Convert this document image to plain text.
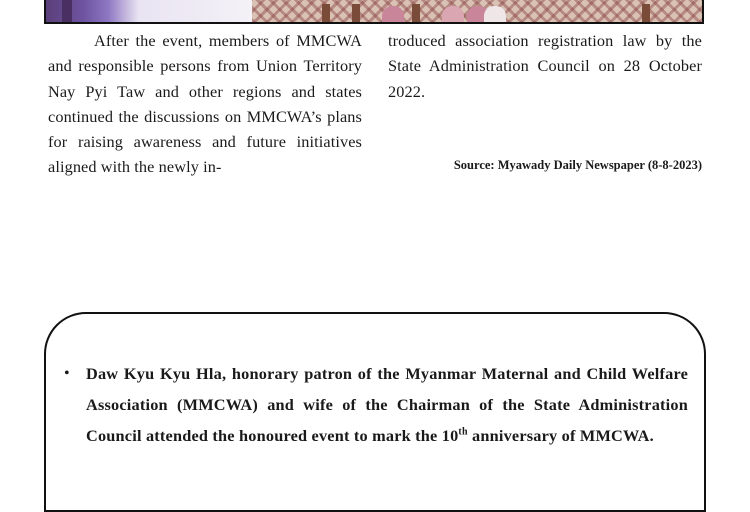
After the event, members of MMCWA and responsible persons from Union Territory Nay Pyi Taw and other regions and states continued the discussions on MMCWA’s plans for raising awareness and future initiatives aligned with the newly in-

troduced association registration law by the State Administration Council on 28 October 2022.

Source: Myawady Daily Newspaper (8-8-2023)
•	Daw Kyu Kyu Hla, honorary patron of the Myanmar Maternal and Child Welfare Association (MMCWA) and wife of the Chairman of the State Administration Council attended the honoured event to mark the 10th anniversary of MMCWA.
